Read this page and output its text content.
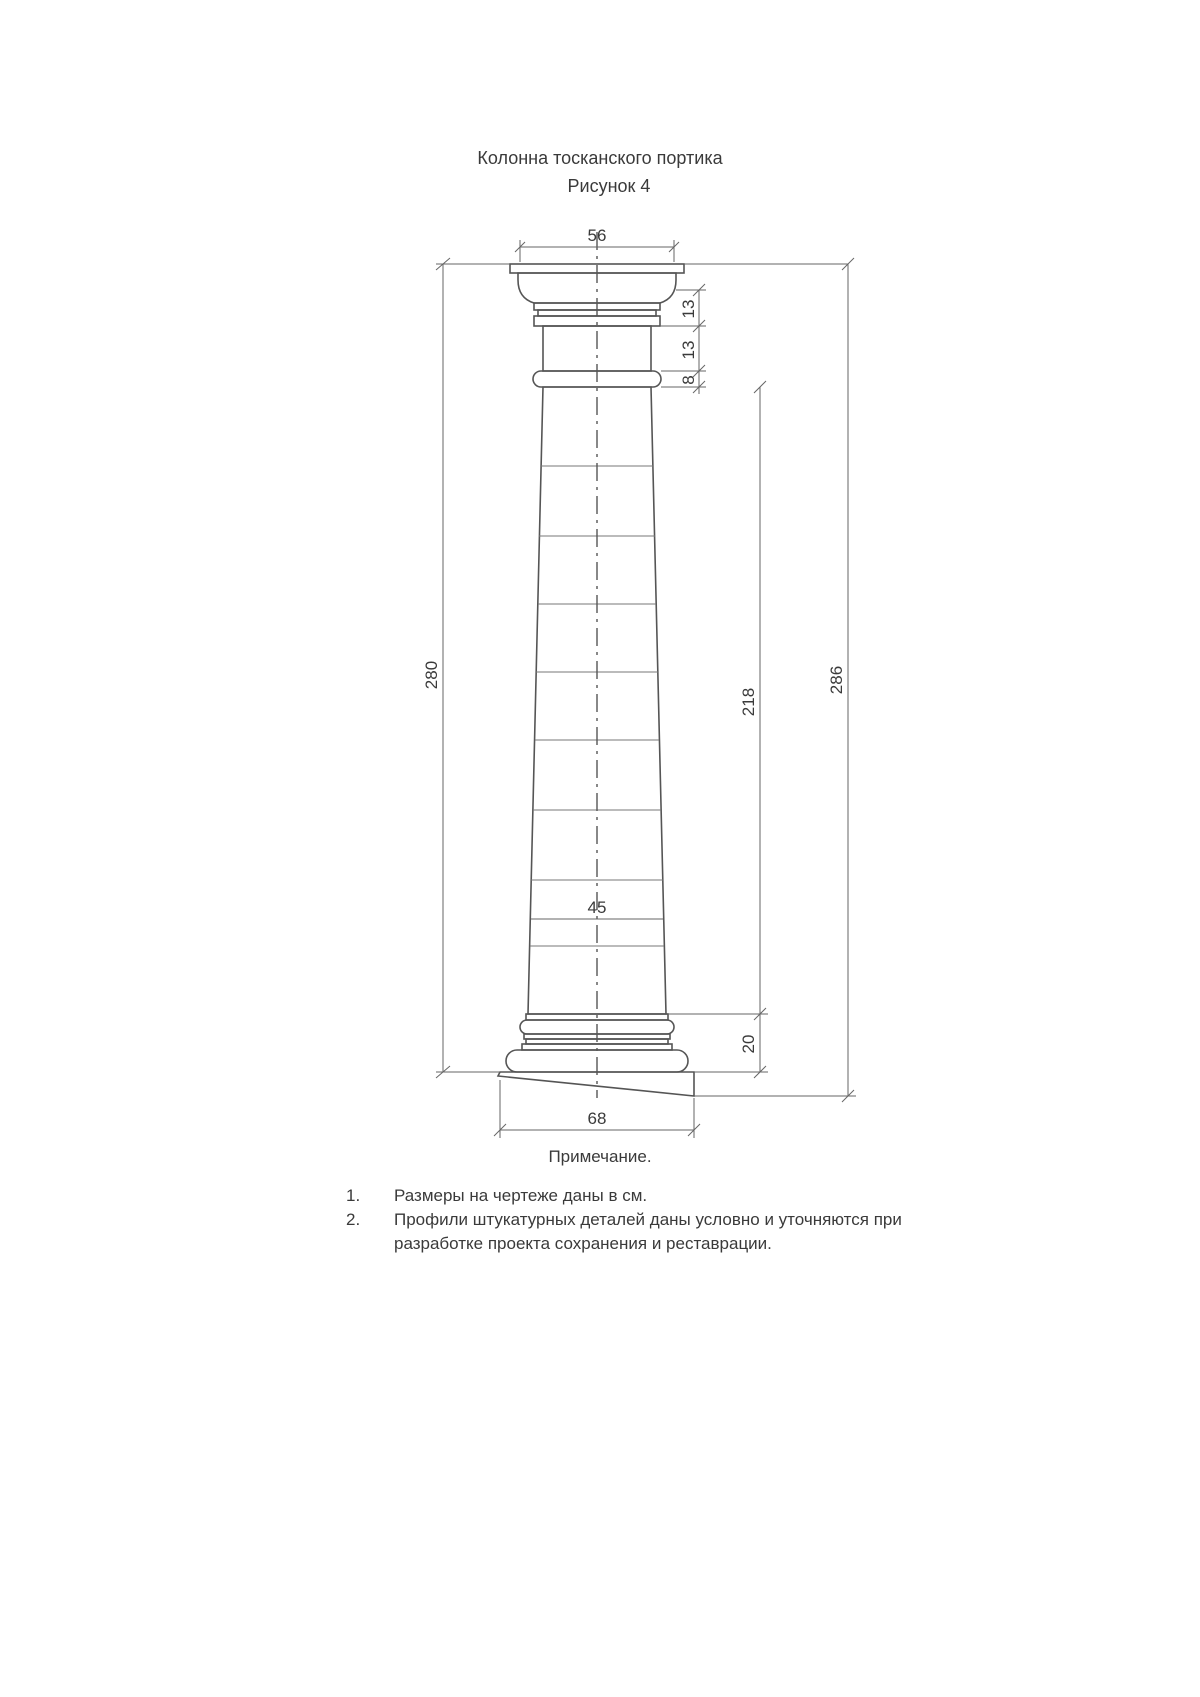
Колонна тосканского портика
Рисунок 4
56
13
13
8
280
218
286
45
20
68
Примечание.
1.	Размеры на чертеже даны в см.
2.	Профили штукатурных деталей даны условно и уточняются при разработке проекта сохранения и реставрации.
